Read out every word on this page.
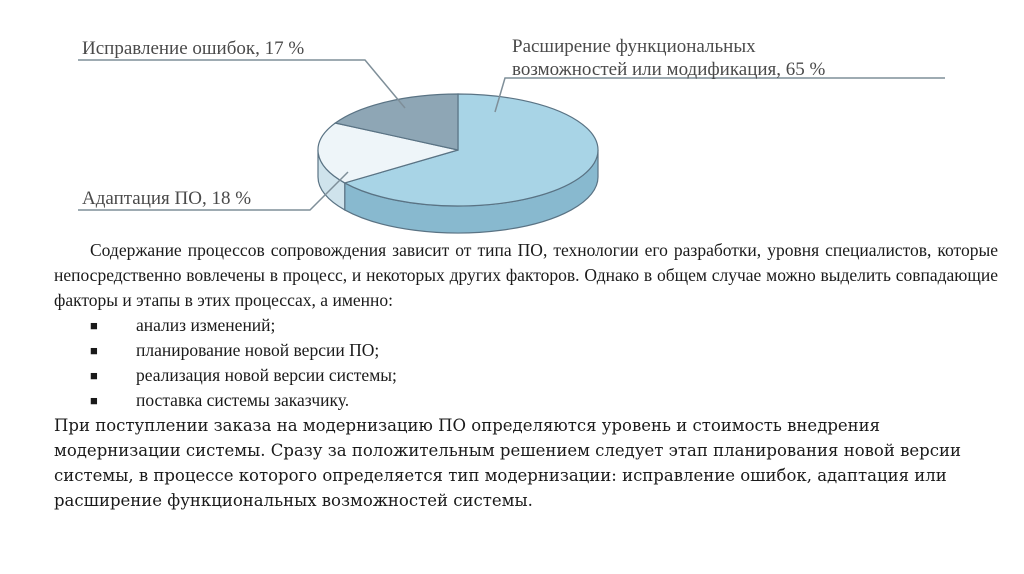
Исправление ошибок, 17 %	Расширение функциональных возможностей или модификация, 65 %
Адаптация ПО, 18 %

Содержание процессов сопровождения зависит от типа ПО, технологии его разработки, уровня специалистов, которые непосредственно вовлечены в процесс, и некоторых других факторов. Однако в общем случае можно выделить совпадающие факторы и этапы в этих процессах, а именно:

■ анализ изменений;
■ планирование новой версии ПО;
■ реализация новой версии системы;
■ поставка системы заказчику.

При поступлении заказа на модернизацию ПО определяются уровень и стоимость внедрения модернизации системы. Сразу за положительным решением следует этап планирования новой версии системы, в процессе которого определяется тип модернизации: исправление ошибок, адаптация или расширение функциональных возможностей системы.
